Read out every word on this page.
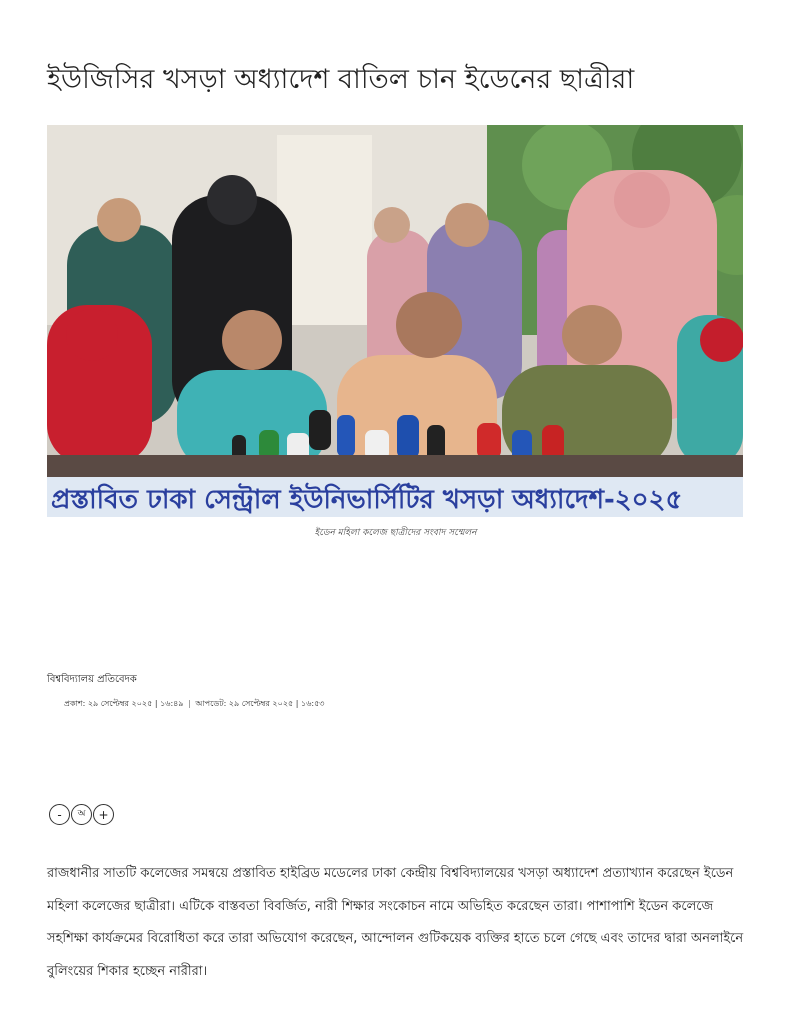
ইউজিসির খসড়া অধ্যাদেশ বাতিল চান ইডেনের ছাত্রীরা
প্রস্তাবিত ঢাকা সেন্ট্রাল ইউনিভার্সিটির খসড়া অধ্যাদেশ-২০২৫
ইডেন মহিলা কলেজ ছাত্রীদের সংবাদ সম্মেলন
বিশ্ববিদ্যালয় প্রতিবেদক
প্রকাশ: ২৯ সেপ্টেম্বর ২০২৫ | ১৬:৪৯ | আপডেট: ২৯ সেপ্টেম্বর ২০২৫ | ১৬:৫৩
-	অ	+

রাজধানীর সাতটি কলেজের সমন্বয়ে প্রস্তাবিত হাইব্রিড মডেলের ঢাকা কেন্দ্রীয় বিশ্ববিদ্যালয়ের খসড়া অধ্যাদেশ প্রত্যাখ্যান করেছেন ইডেন মহিলা কলেজের ছাত্রীরা। এটিকে বাস্তবতা বিবর্জিত, নারী শিক্ষার সংকোচন নামে অভিহিত করেছেন তারা। পাশাপাশি ইডেন কলেজে সহশিক্ষা কার্যক্রমের বিরোধিতা করে তারা অভিযোগ করেছেন, আন্দোলন গুটিকয়েক ব্যক্তির হাতে চলে গেছে এবং তাদের দ্বারা অনলাইনে বুলিংয়ের শিকার হচ্ছেন নারীরা।
